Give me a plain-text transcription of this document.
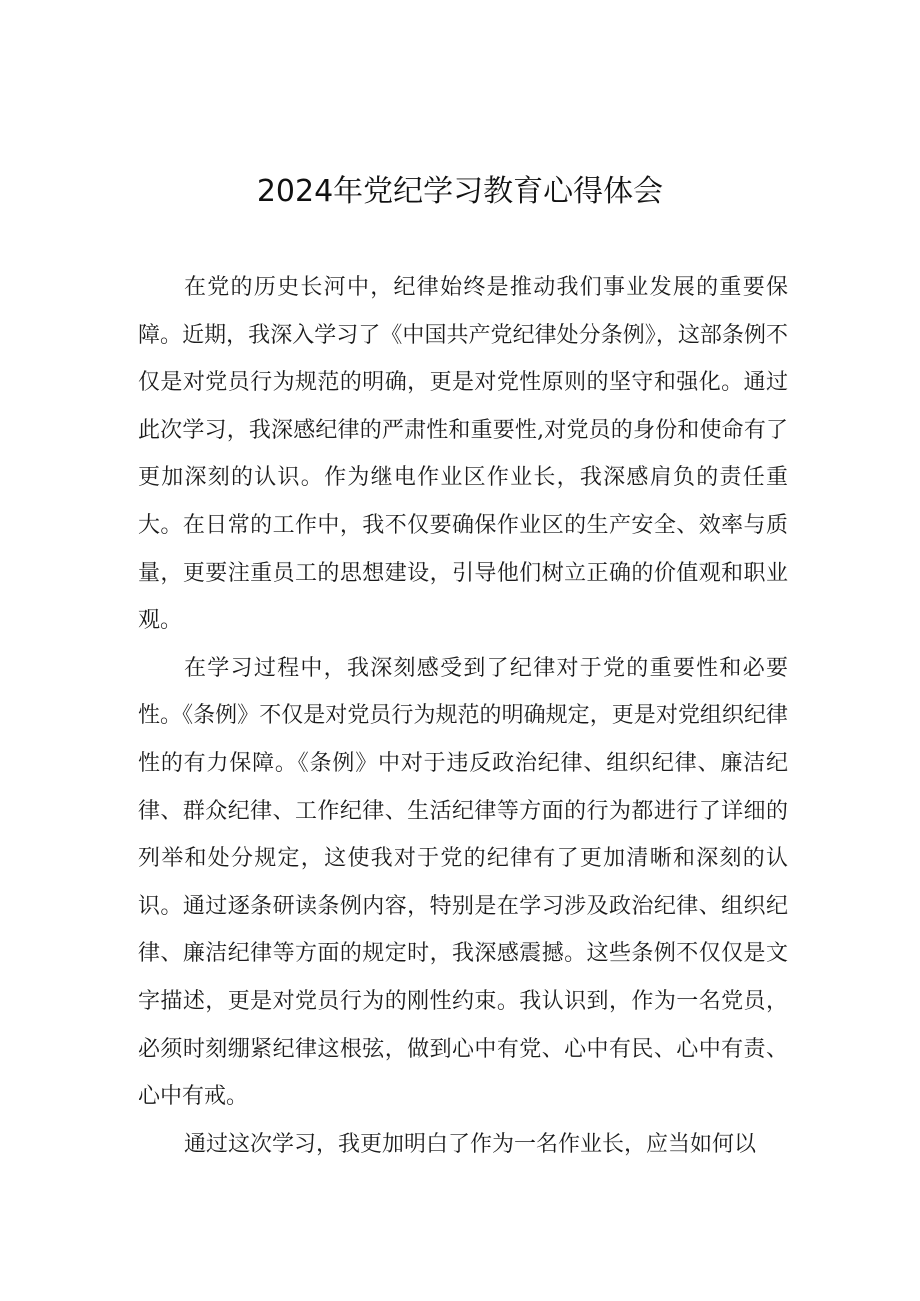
2024年党纪学习教育心得体会

在党的历史长河中，纪律始终是推动我们事业发展的重要保障。近期，我深入学习了《中国共产党纪律处分条例》，这部条例不仅是对党员行为规范的明确，更是对党性原则的坚守和强化。通过此次学习，我深感纪律的严肃性和重要性,对党员的身份和使命有了更加深刻的认识。作为继电作业区作业长，我深感肩负的责任重大。在日常的工作中，我不仅要确保作业区的生产安全、效率与质量，更要注重员工的思想建设，引导他们树立正确的价值观和职业观。

在学习过程中，我深刻感受到了纪律对于党的重要性和必要性。《条例》不仅是对党员行为规范的明确规定，更是对党组织纪律性的有力保障。《条例》中对于违反政治纪律、组织纪律、廉洁纪律、群众纪律、工作纪律、生活纪律等方面的行为都进行了详细的列举和处分规定，这使我对于党的纪律有了更加清晰和深刻的认识。通过逐条研读条例内容，特别是在学习涉及政治纪律、组织纪律、廉洁纪律等方面的规定时，我深感震撼。这些条例不仅仅是文字描述，更是对党员行为的刚性约束。我认识到，作为一名党员，必须时刻绷紧纪律这根弦，做到心中有党、心中有民、心中有责、心中有戒。

通过这次学习，我更加明白了作为一名作业长，应当如何以
